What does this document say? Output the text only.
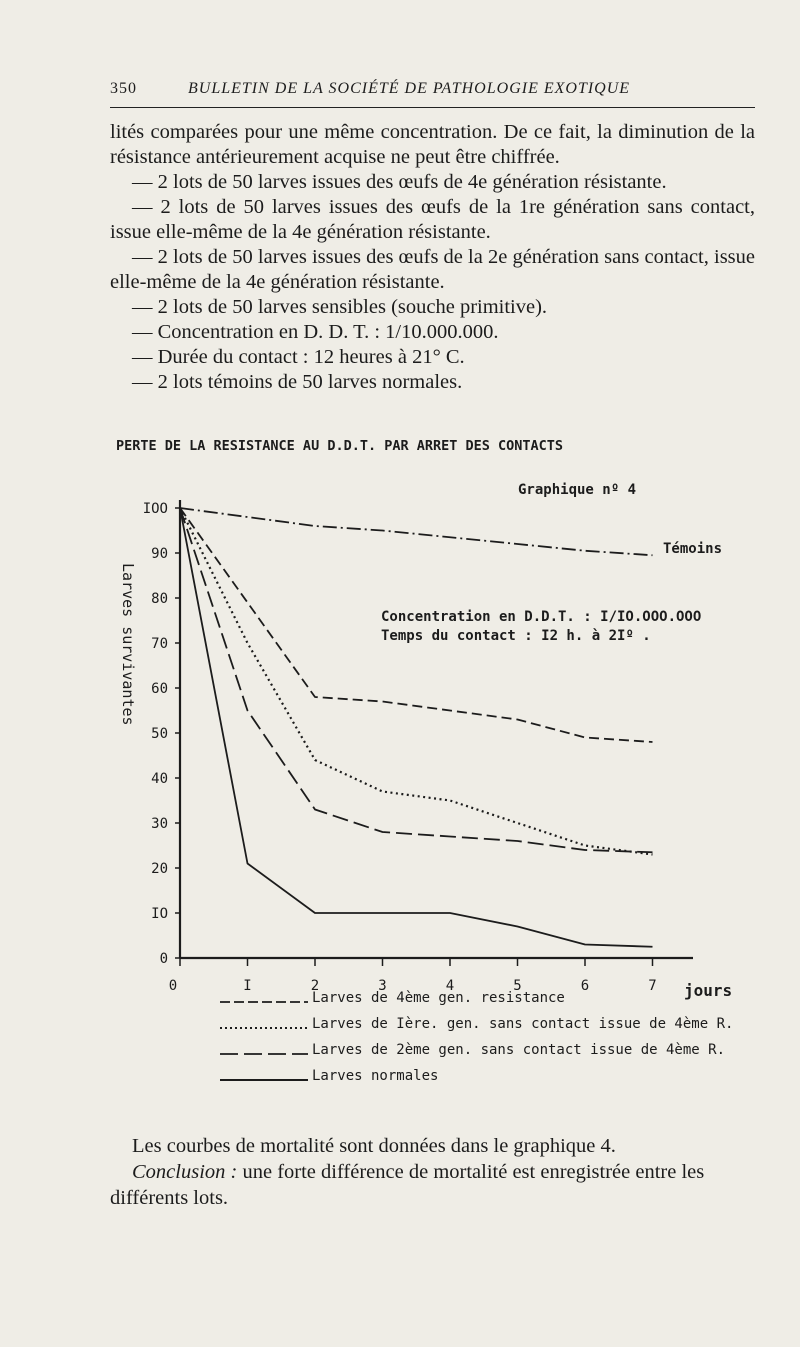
350	BULLETIN DE LA SOCIÉTÉ DE PATHOLOGIE EXOTIQUE

lités comparées pour une même concentration. De ce fait, la diminution de la résistance antérieurement acquise ne peut être chiffrée.

— 2 lots de 50 larves issues des œufs de 4e génération résistante.

— 2 lots de 50 larves issues des œufs de la 1re génération sans contact, issue elle-même de la 4e génération résistante.

— 2 lots de 50 larves issues des œufs de la 2e génération sans contact, issue elle-même de la 4e génération résistante.

— 2 lots de 50 larves sensibles (souche primitive).

— Concentration en D. D. T. : 1/10.000.000.

— Durée du contact : 12 heures à 21° C.

— 2 lots témoins de 50 larves normales.

PERTE DE LA RESISTANCE AU D.D.T. PAR ARRET DES CONTACTS
0
IO
20
30
40
50
60
70
80
90
IOO
0	I	2	3	4	5	6	7
Graphique nº 4
Concentration en D.D.T. : I/IO.OOO.OOO
Temps du contact : I2 h. à 2Iº .
Témoins
Larves survivantes
jours
Larves de 4ème gen. resistance
Larves de Ière. gen. sans contact issue de 4ème R.
Larves de 2ème gen. sans contact issue de 4ème R.
Larves normales

Les courbes de mortalité sont données dans le graphique 4.

Conclusion : une forte différence de mortalité est enregistrée entre les différents lots.
